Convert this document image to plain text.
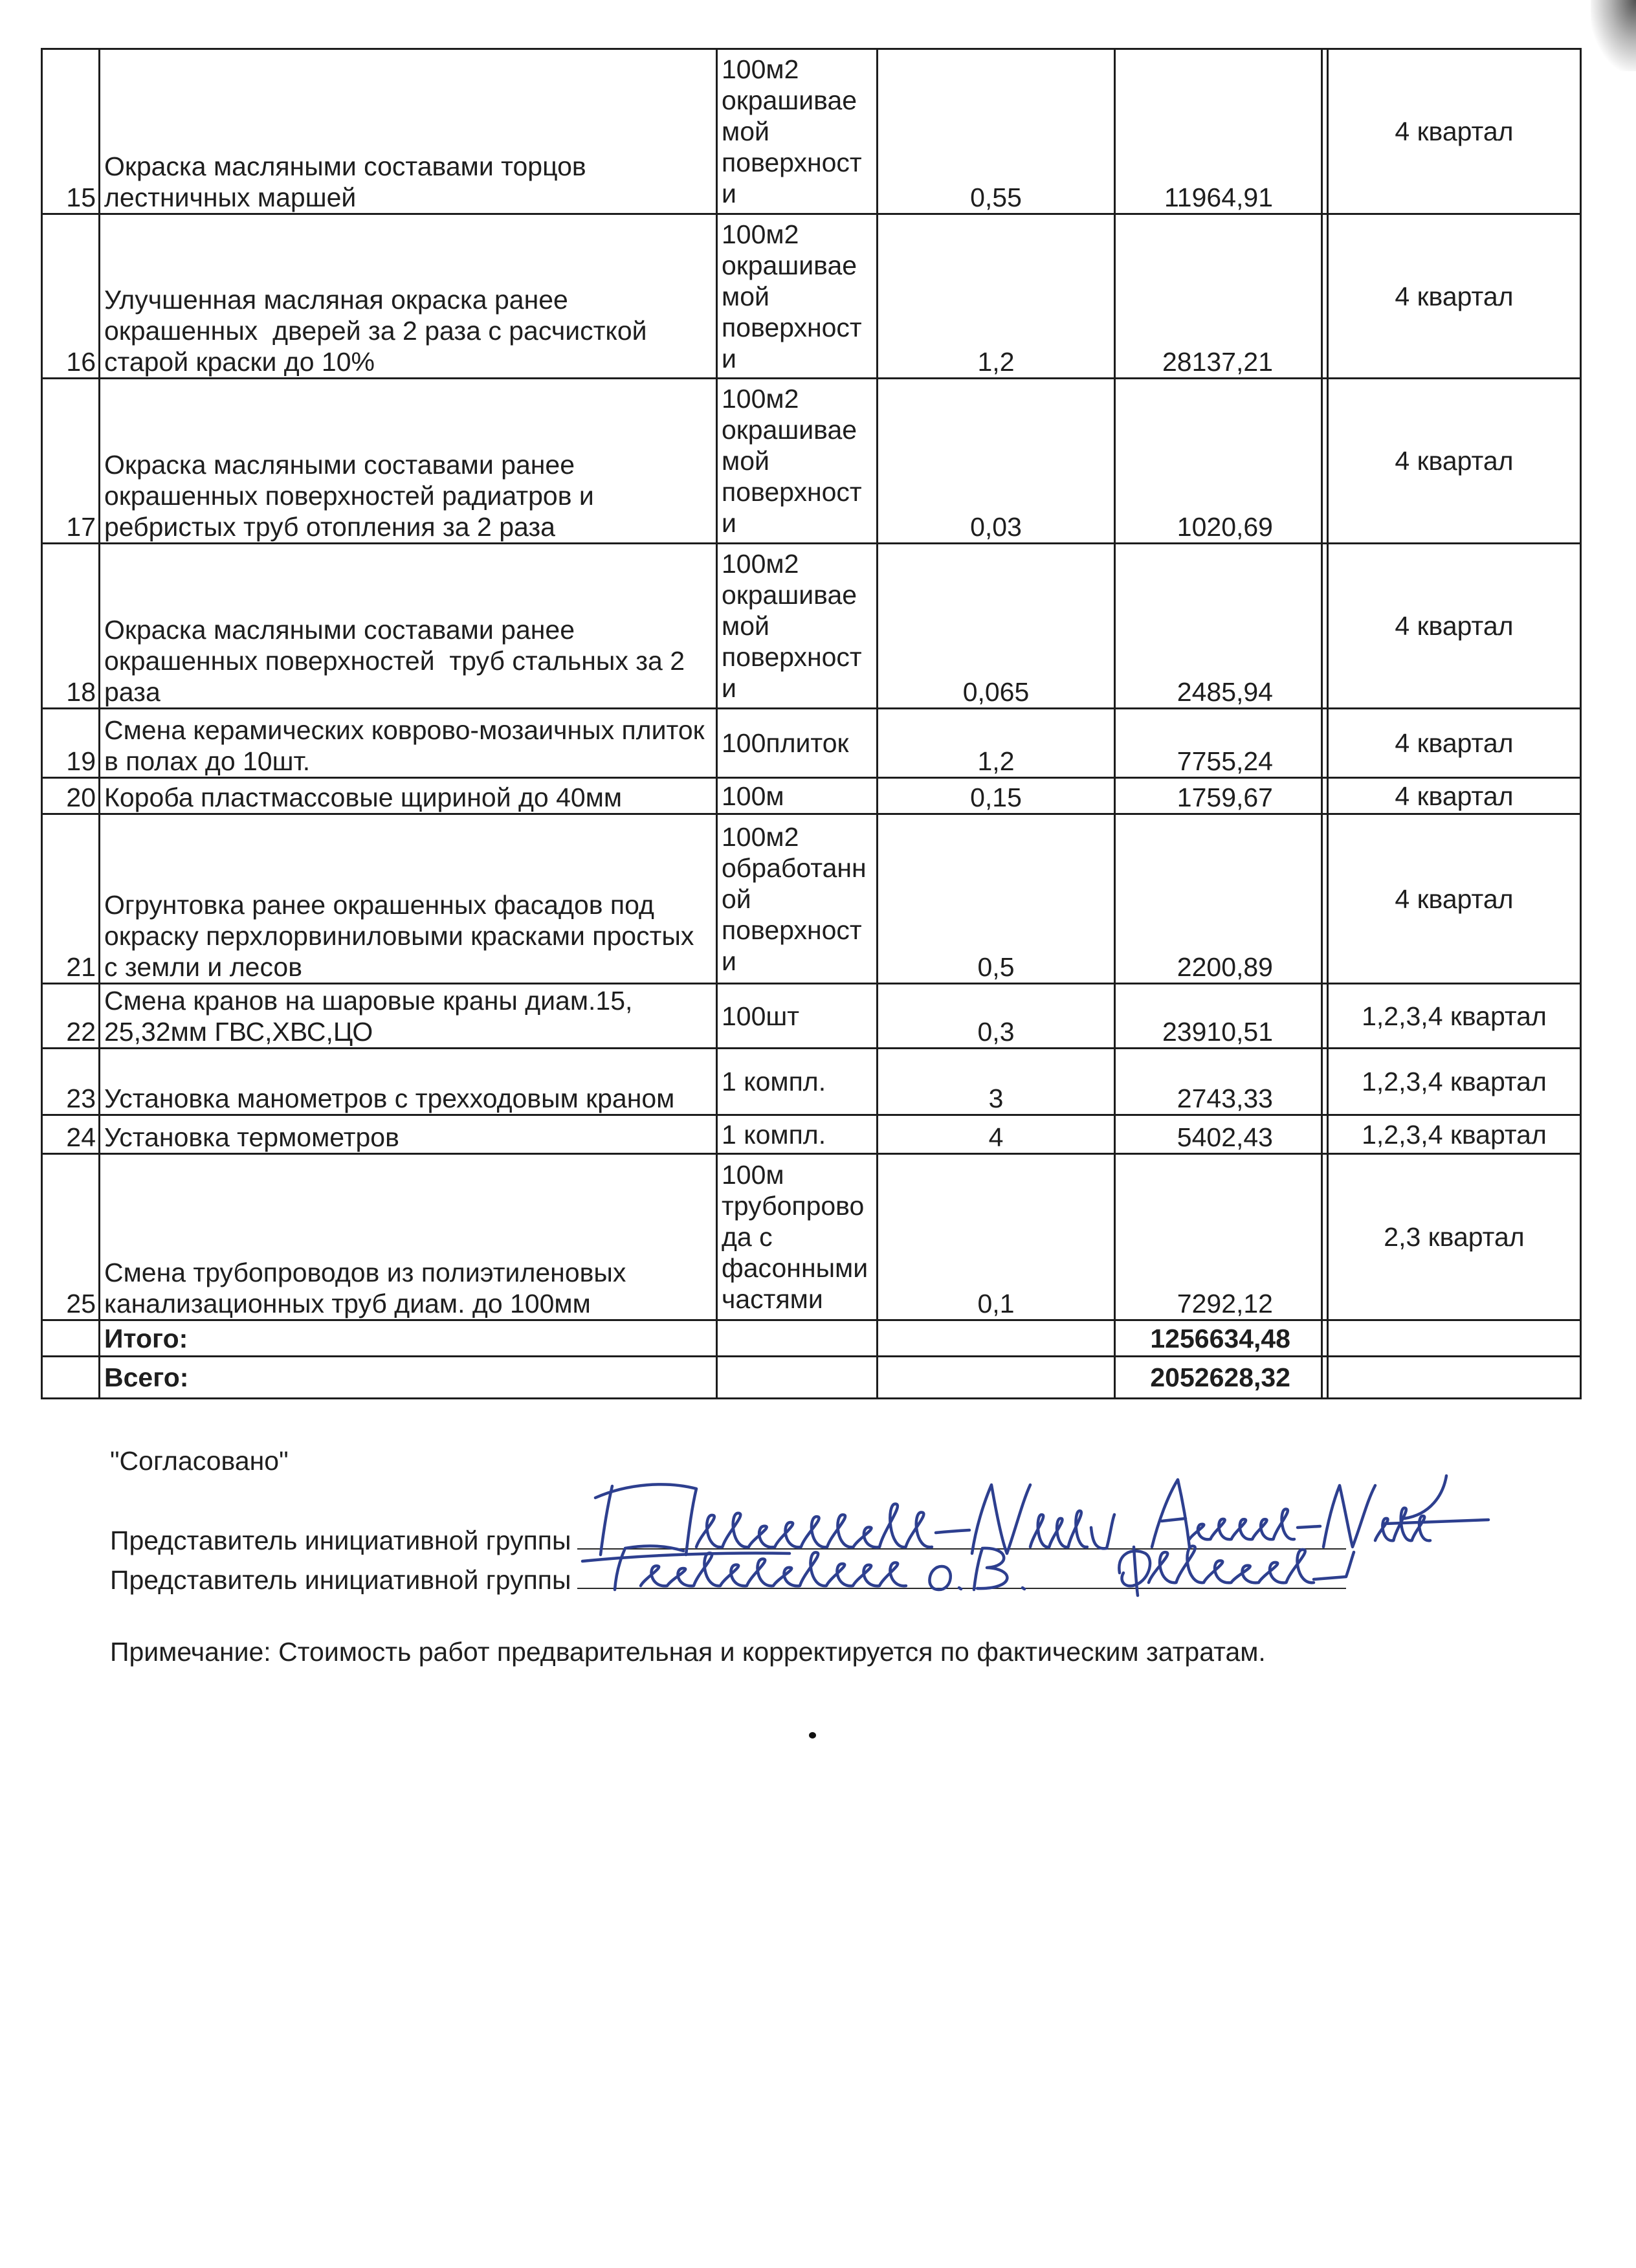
15	Окраска масляными составами торцов
лестничных маршей	100м2
окрашивае
мой
поверхност
и	0,55	11964,91		4 квартал
16	Улучшенная масляная окраска ранее
окрашенных  дверей за 2 раза с расчисткой
старой краски до 10%	100м2
окрашивае
мой
поверхност
и	1,2	28137,21		4 квартал
17	Окраска масляными составами ранее
окрашенных поверхностей радиатров и
ребристых труб отопления за 2 раза	100м2
окрашивае
мой
поверхност
и	0,03	1020,69		4 квартал
18	Окраска масляными составами ранее
окрашенных поверхностей  труб стальных за 2
раза	100м2
окрашивае
мой
поверхност
и	0,065	2485,94		4 квартал
19	Смена керамических коврово-мозаичных плиток
в полах до 10шт.	100плиток	1,2	7755,24		4 квартал
20	Короба пластмассовые щириной до 40мм	100м	0,15	1759,67		4 квартал
21	Огрунтовка ранее окрашенных фасадов под
окраску перхлорвиниловыми красками простых
с земли и лесов	100м2
обработанн
ой
поверхност
и	0,5	2200,89		4 квартал
22	Смена кранов на шаровые краны диам.15,
25,32мм ГВС,ХВС,ЦО	100шт	0,3	23910,51		1,2,3,4 квартал
23	Установка манометров с трехходовым краном	1 компл.	3	2743,33		1,2,3,4 квартал
24	Установка термометров	1 компл.	4	5402,43		1,2,3,4 квартал
25	Смена трубопроводов из полиэтиленовых
канализационных труб диам. до 100мм	100м
трубопрово
да с
фасонными
частями	0,1	7292,12		2,3 квартал
	Итого:			1256634,48		
	Всего:			2052628,32		
"Согласовано"
Представитель инициативной группы
Представитель инициативной группы
Примечание: Стоимость работ предварительная и корректируется по фактическим затратам.
